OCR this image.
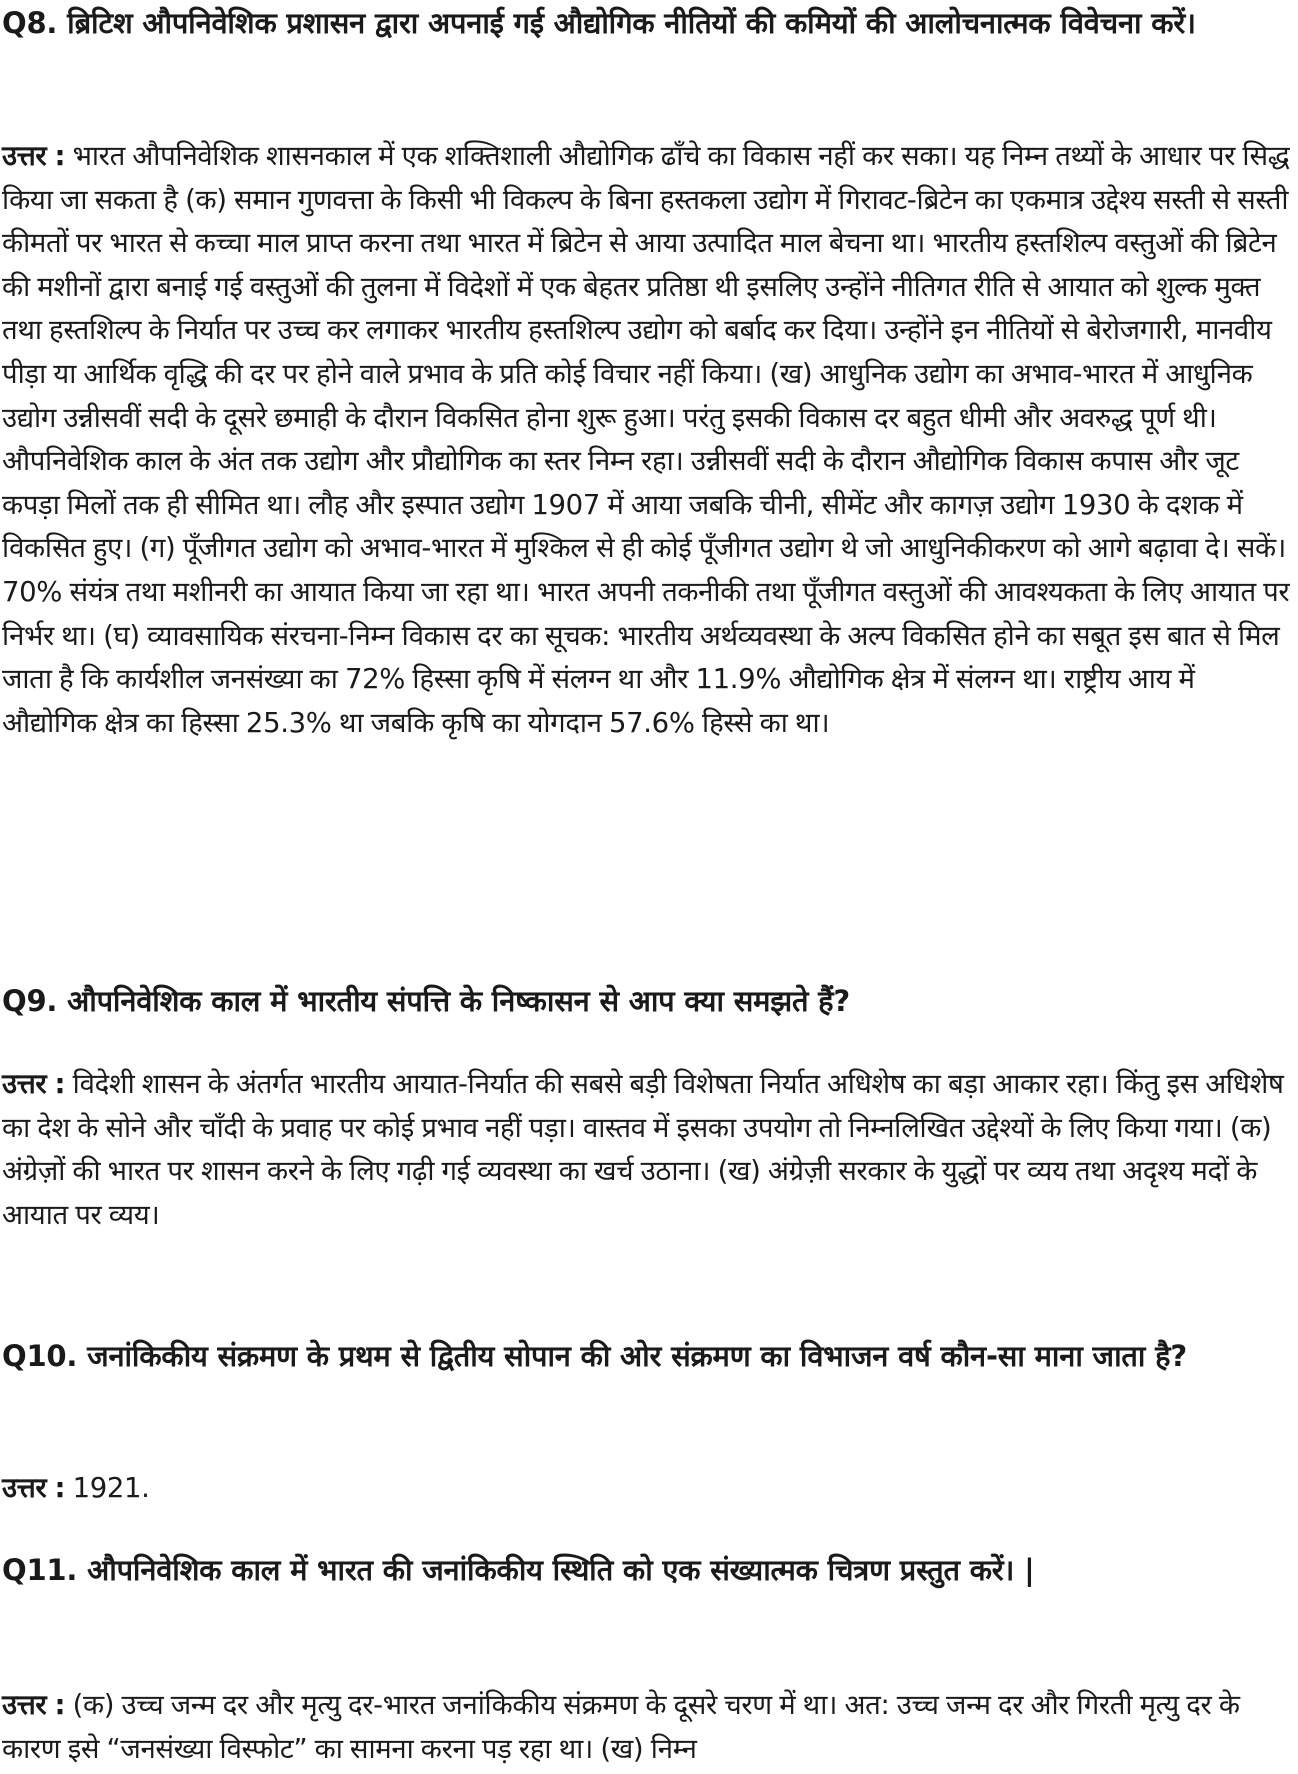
Q8. ब्रिटिश औपनिवेशिक प्रशासन द्वारा अपनाई गई औद्योगिक नीतियों की कमियों की आलोचनात्मक विवेचना करें।

उत्तर : भारत औपनिवेशिक शासनकाल में एक शक्तिशाली औद्योगिक ढाँचे का विकास नहीं कर सका। यह निम्न तथ्यों के आधार पर सिद्ध किया जा सकता है (क) समान गुणवत्ता के किसी भी विकल्प के बिना हस्तकला उद्योग में गिरावट-ब्रिटेन का एकमात्र उद्देश्य सस्ती से सस्ती कीमतों पर भारत से कच्चा माल प्राप्त करना तथा भारत में ब्रिटेन से आया उत्पादित माल बेचना था। भारतीय हस्तशिल्प वस्तुओं की ब्रिटेन की मशीनों द्वारा बनाई गई वस्तुओं की तुलना में विदेशों में एक बेहतर प्रतिष्ठा थी इसलिए उन्होंने नीतिगत रीति से आयात को शुल्क मुक्त तथा हस्तशिल्प के निर्यात पर उच्च कर लगाकर भारतीय हस्तशिल्प उद्योग को बर्बाद कर दिया। उन्होंने इन नीतियों से बेरोजगारी, मानवीय पीड़ा या आर्थिक वृद्धि की दर पर होने वाले प्रभाव के प्रति कोई विचार नहीं किया। (ख) आधुनिक उद्योग का अभाव-भारत में आधुनिक उद्योग उन्नीसवीं सदी के दूसरे छमाही के दौरान विकसित होना शुरू हुआ। परंतु इसकी विकास दर बहुत धीमी और अवरुद्ध पूर्ण थी। औपनिवेशिक काल के अंत तक उद्योग और प्रौद्योगिक का स्तर निम्न रहा। उन्नीसवीं सदी के दौरान औद्योगिक विकास कपास और जूट कपड़ा मिलों तक ही सीमित था। लौह और इस्पात उद्योग 1907 में आया जबकि चीनी, सीमेंट और कागज़ उद्योग 1930 के दशक में विकसित हुए। (ग) पूँजीगत उद्योग को अभाव-भारत में मुश्किल से ही कोई पूँजीगत उद्योग थे जो आधुनिकीकरण को आगे बढ़ावा दे। सकें। 70% संयंत्र तथा मशीनरी का आयात किया जा रहा था। भारत अपनी तकनीकी तथा पूँजीगत वस्तुओं की आवश्यकता के लिए आयात पर निर्भर था। (घ) व्यावसायिक संरचना-निम्न विकास दर का सूचक: भारतीय अर्थव्यवस्था के अल्प विकसित होने का सबूत इस बात से मिल जाता है कि कार्यशील जनसंख्या का 72% हिस्सा कृषि में संलग्न था और 11.9% औद्योगिक क्षेत्र में संलग्न था। राष्ट्रीय आय में औद्योगिक क्षेत्र का हिस्सा 25.3% था जबकि कृषि का योगदान 57.6% हिस्से का था।

Q9. औपनिवेशिक काल में भारतीय संपत्ति के निष्कासन से आप क्या समझते हैं?

उत्तर : विदेशी शासन के अंतर्गत भारतीय आयात-निर्यात की सबसे बड़ी विशेषता निर्यात अधिशेष का बड़ा आकार रहा। किंतु इस अधिशेष का देश के सोने और चाँदी के प्रवाह पर कोई प्रभाव नहीं पड़ा। वास्तव में इसका उपयोग तो निम्नलिखित उद्देश्यों के लिए किया गया। (क) अंग्रेज़ों की भारत पर शासन करने के लिए गढ़ी गई व्यवस्था का खर्च उठाना। (ख) अंग्रेज़ी सरकार के युद्धों पर व्यय तथा अदृश्य मदों के आयात पर व्यय।

Q10. जनांकिकीय संक्रमण के प्रथम से द्वितीय सोपान की ओर संक्रमण का विभाजन वर्ष कौन-सा माना जाता है?

उत्तर : 1921.

Q11. औपनिवेशिक काल में भारत की जनांकिकीय स्थिति को एक संख्यात्मक चित्रण प्रस्तुत करें। |

उत्तर : (क) उच्च जन्म दर और मृत्यु दर-भारत जनांकिकीय संक्रमण के दूसरे चरण में था। अत: उच्च जन्म दर और गिरती मृत्यु दर के कारण इसे “जनसंख्या विस्फोट” का सामना करना पड़ रहा था। (ख) निम्न
